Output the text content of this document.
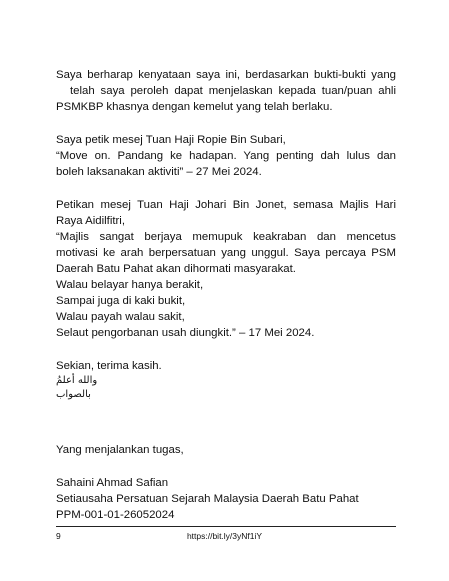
Saya berharap kenyataan saya ini, berdasarkan bukti-bukti yang
telah saya peroleh dapat menjelaskan kepada tuan/puan ahli
PSMKBP khasnya dengan kemelut yang telah berlaku.

Saya petik mesej Tuan Haji Ropie Bin Subari,
“Move on. Pandang ke hadapan. Yang penting dah lulus dan
boleh laksanakan aktiviti” – 27 Mei 2024.

Petikan mesej Tuan Haji Johari Bin Jonet, semasa Majlis Hari
Raya Aidilfitri,
“Majlis sangat berjaya memupuk keakraban dan mencetus
motivasi ke arah berpersatuan yang unggul. Saya percaya PSM
Daerah Batu Pahat akan dihormati masyarakat.
Walau belayar hanya berakit,
Sampai juga di kaki bukit,
Walau payah walau sakit,
Selaut pengorbanan usah diungkit.” – 17 Mei 2024.

Sekian, terima kasih.
والله أعلمُ بالصواب

Yang menjalankan tugas,

Sahaini Ahmad Safian
Setiausaha Persatuan Sejarah Malaysia Daerah Batu Pahat
PPM-001-01-26052024

9	https://bit.ly/3yNf1iY
